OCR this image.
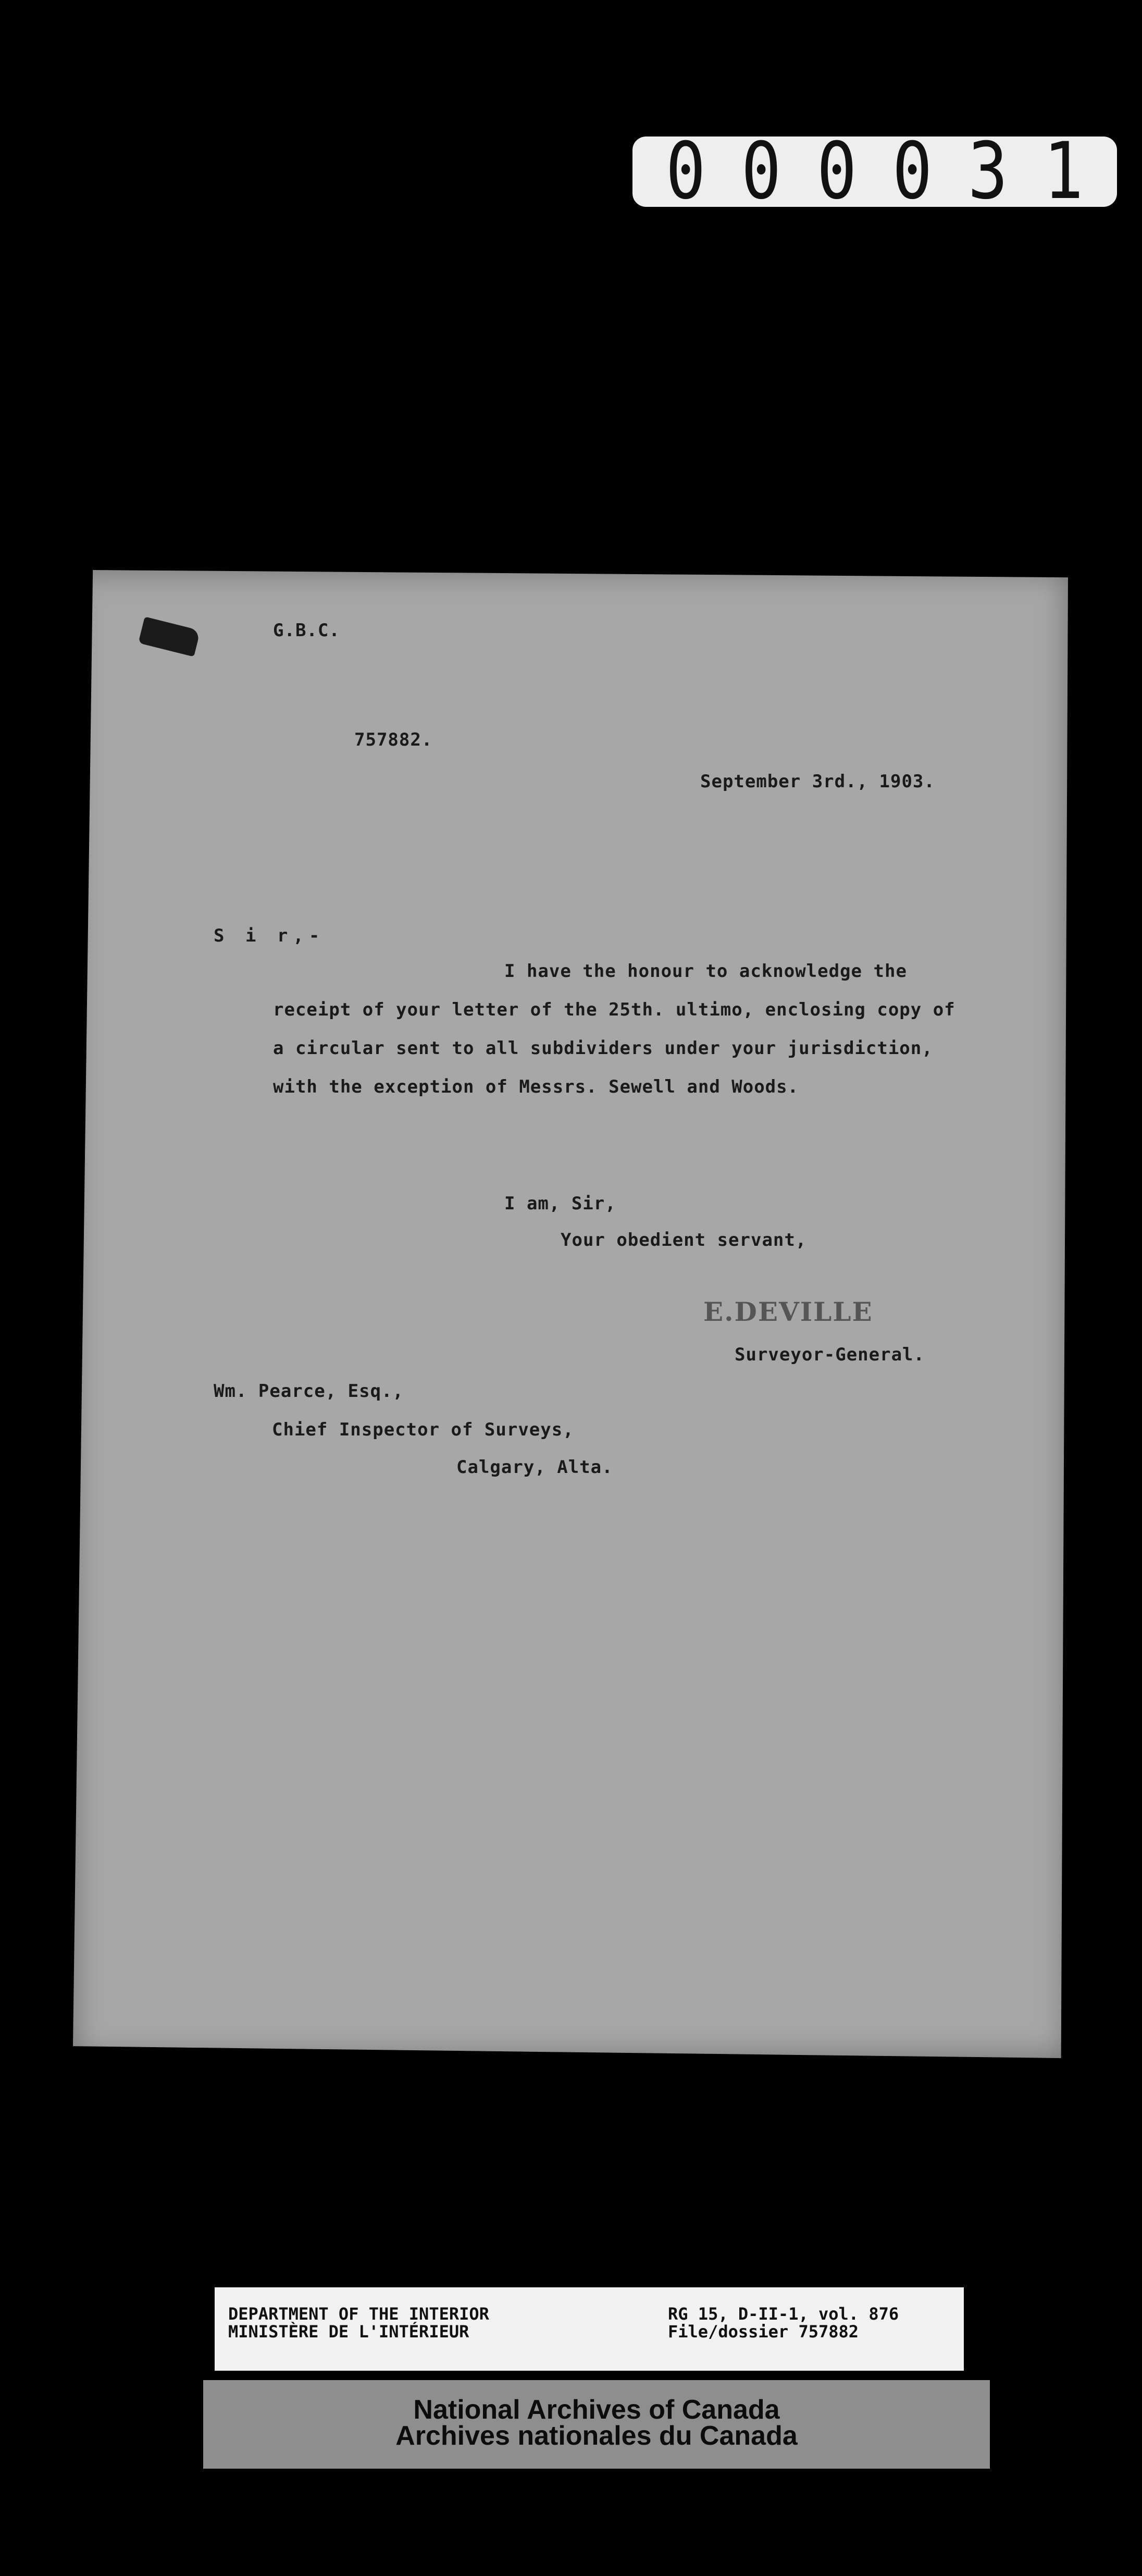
0 0 0 0 3 1
G.B.C.
757882.
September 3rd., 1903.
S i r,-
I have the honour to acknowledge the
receipt of your letter of the 25th. ultimo, enclosing copy of
a circular sent to all subdividers under your jurisdiction,
with the exception of Messrs. Sewell and Woods.
I am, Sir,
Your obedient servant,
E.DEVILLE
Surveyor-General.
Wm. Pearce, Esq.,
Chief Inspector of Surveys,
Calgary, Alta.
DEPARTMENT OF THE INTERIOR
MINISTÈRE DE L'INTÉRIEUR
RG 15, D-II-1, vol. 876
File/dossier 757882
National Archives of Canada
Archives nationales du Canada
